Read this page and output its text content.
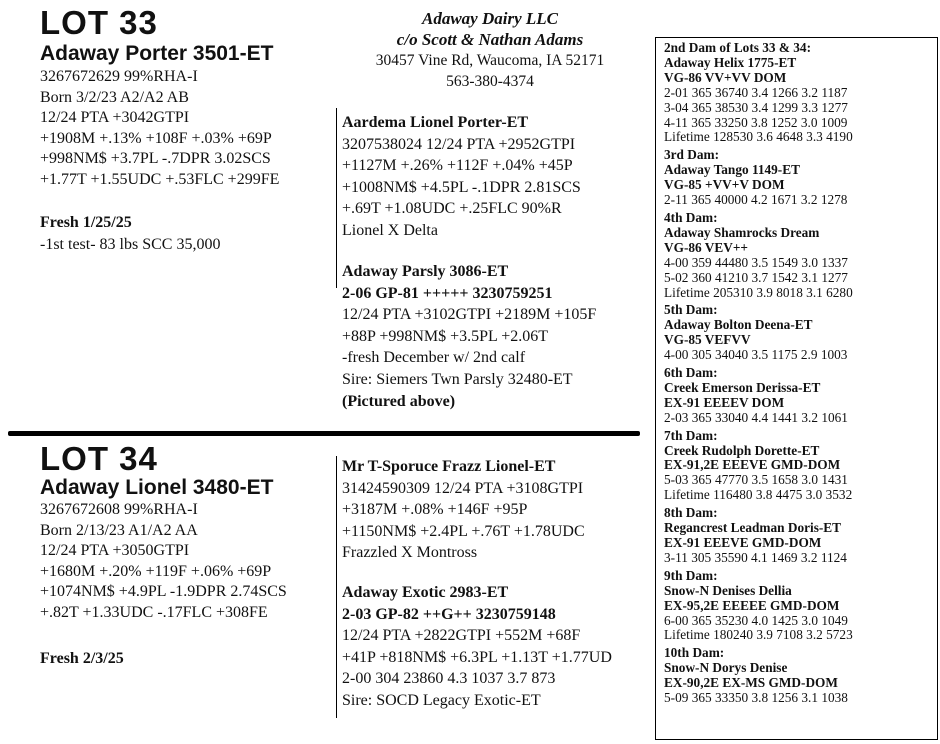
LOT 33
Adaway Porter 3501-ET
3267672629 99%RHA-I
Born 3/2/23 A2/A2 AB
12/24 PTA +3042GTPI
+1908M +.13% +108F +.03% +69P
+998NM$ +3.7PL -.7DPR 3.02SCS
+1.77T +1.55UDC +.53FLC +299FE
Fresh 1/25/25
-1st test- 83 lbs SCC 35,000
Adaway Dairy LLC
c/o Scott & Nathan Adams
30457 Vine Rd, Waucoma, IA 52171
563-380-4374
Aardema Lionel Porter-ET
3207538024 12/24 PTA +2952GTPI
+1127M +.26% +112F +.04% +45P
+1008NM$ +4.5PL -.1DPR 2.81SCS
+.69T +1.08UDC +.25FLC 90%R
Lionel X Delta
Adaway Parsly 3086-ET
2-06 GP-81 +++++ 3230759251
12/24 PTA +3102GTPI +2189M +105F
+88P +998NM$ +3.5PL +2.06T
-fresh December w/ 2nd calf
Sire: Siemers Twn Parsly 32480-ET
(Pictured above)
LOT 34
Adaway Lionel 3480-ET
3267672608 99%RHA-I
Born 2/13/23 A1/A2 AA
12/24 PTA +3050GTPI
+1680M +.20% +119F +.06% +69P
+1074NM$ +4.9PL -1.9DPR 2.74SCS
+.82T +1.33UDC -.17FLC +308FE
Fresh 2/3/25
Mr T-Sporuce Frazz Lionel-ET
31424590309 12/24 PTA +3108GTPI
+3187M +.08% +146F +95P
+1150NM$ +2.4PL +.76T +1.78UDC
Frazzled X Montross
Adaway Exotic 2983-ET
2-03 GP-82 ++G++ 3230759148
12/24 PTA +2822GTPI +552M +68F
+41P +818NM$ +6.3PL +1.13T +1.77UD
2-00 304 23860 4.3 1037 3.7 873
Sire: SOCD Legacy Exotic-ET
2nd Dam of Lots 33 & 34:
Adaway Helix 1775-ET
VG-86 VV+VV DOM
2-01 365 36740 3.4 1266 3.2 1187
3-04 365 38530 3.4 1299 3.3 1277
4-11 365 33250 3.8 1252 3.0 1009
Lifetime 128530 3.6 4648 3.3 4190
3rd Dam:
Adaway Tango 1149-ET
VG-85 +VV+V DOM
2-11 365 40000 4.2 1671 3.2 1278
4th Dam:
Adaway Shamrocks Dream
VG-86 VEV++
4-00 359 44480 3.5 1549 3.0 1337
5-02 360 41210 3.7 1542 3.1 1277
Lifetime 205310 3.9 8018 3.1 6280
5th Dam:
Adaway Bolton Deena-ET
VG-85 VEFVV
4-00 305 34040 3.5 1175 2.9 1003
6th Dam:
Creek Emerson Derissa-ET
EX-91 EEEEV DOM
2-03 365 33040 4.4 1441 3.2 1061
7th Dam:
Creek Rudolph Dorette-ET
EX-91,2E EEEVE GMD-DOM
5-03 365 47770 3.5 1658 3.0 1431
Lifetime 116480 3.8 4475 3.0 3532
8th Dam:
Regancrest Leadman Doris-ET
EX-91 EEEVE GMD-DOM
3-11 305 35590 4.1 1469 3.2 1124
9th Dam:
Snow-N Denises Dellia
EX-95,2E EEEEE GMD-DOM
6-00 365 35230 4.0 1425 3.0 1049
Lifetime 180240 3.9 7108 3.2 5723
10th Dam:
Snow-N Dorys Denise
EX-90,2E EX-MS GMD-DOM
5-09 365 33350 3.8 1256 3.1 1038
